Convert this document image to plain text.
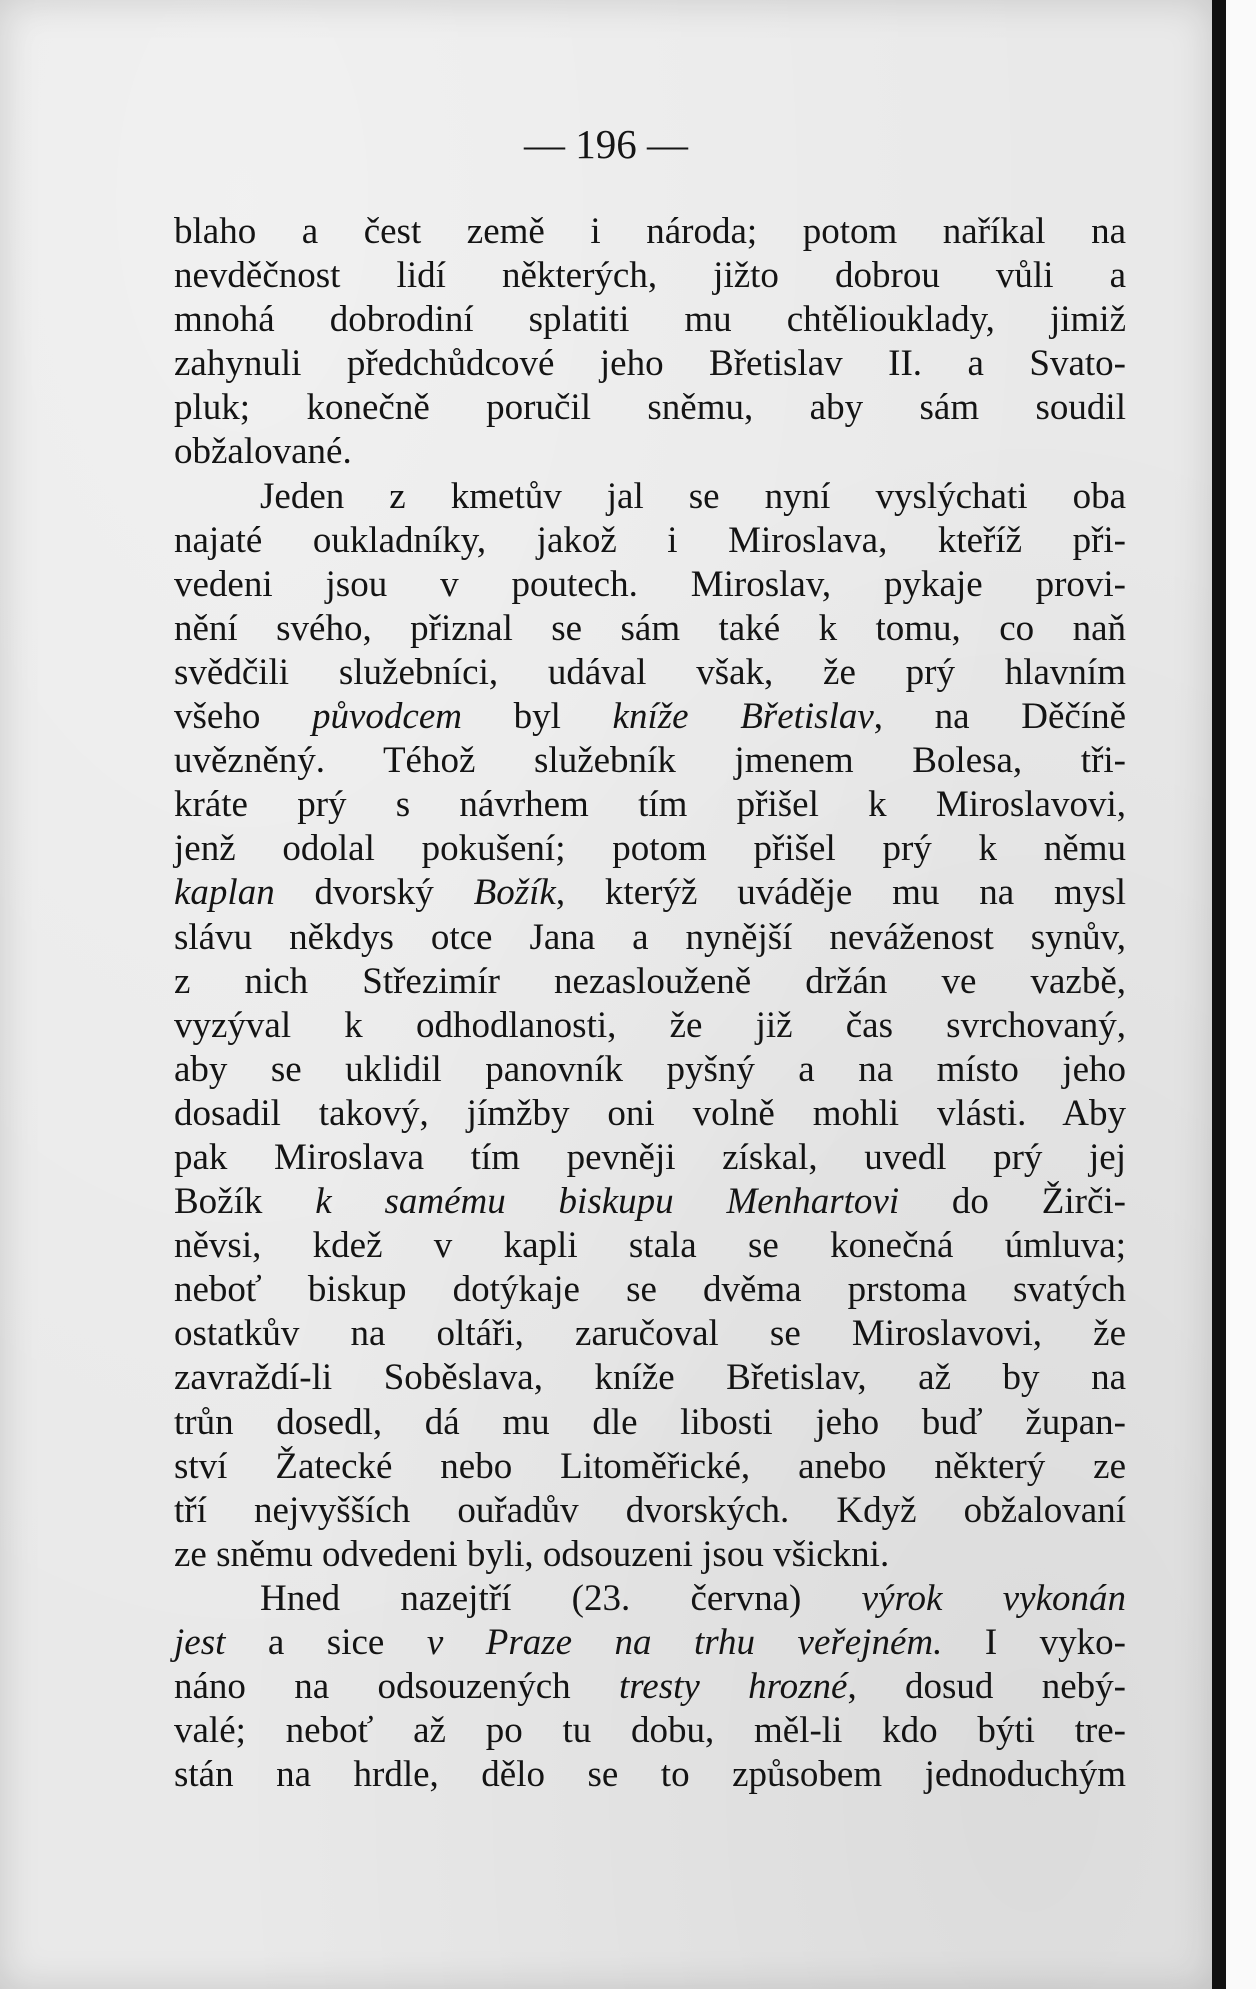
— 196 —
blaho a čest země i národa; potom naříkal na
nevděčnost lidí některých, jižto dobrou vůli a
mnohá dobrodiní splatiti mu chtěliouklady, jimiž
zahynuli předchůdcové jeho Břetislav II. a Svato-
pluk; konečně poručil sněmu, aby sám soudil
obžalované.
Jeden z kmetův jal se nyní vyslýchati oba
najaté oukladníky, jakož i Miroslava, kteříž při-
vedeni jsou v poutech. Miroslav, pykaje provi-
nění svého, přiznal se sám také k tomu, co naň
svědčili služebníci, udával však, že prý hlavním
všeho původcem byl kníže Břetislav, na Děčíně
uvězněný. Téhož služebník jmenem Bolesa, tři-
kráte prý s návrhem tím přišel k Miroslavovi,
jenž odolal pokušení; potom přišel prý k němu
kaplan dvorský Božík, kterýž uváděje mu na mysl
slávu někdys otce Jana a nynější neváženost synův,
z nich Střezimír nezaslouženě držán ve vazbě,
vyzýval k odhodlanosti, že již čas svrchovaný,
aby se uklidil panovník pyšný a na místo jeho
dosadil takový, jímžby oni volně mohli vlásti. Aby
pak Miroslava tím pevněji získal, uvedl prý jej
Božík k samému biskupu Menhartovi do Žirči-
něvsi, kdež v kapli stala se konečná úmluva;
neboť biskup dotýkaje se dvěma prstoma svatých
ostatkův na oltáři, zaručoval se Miroslavovi, že
zavraždí-li Soběslava, kníže Břetislav, až by na
trůn dosedl, dá mu dle libosti jeho buď župan-
ství Žatecké nebo Litoměřické, anebo některý ze
tří nejvyšších ouřadův dvorských. Když obžalovaní
ze sněmu odvedeni byli, odsouzeni jsou všickni.
Hned nazejtří (23. června) výrok vykonán
jest a sice v Praze na trhu veřejném. I vyko-
náno na odsouzených tresty hrozné, dosud nebý-
valé; neboť až po tu dobu, měl-li kdo býti tre-
stán na hrdle, dělo se to způsobem jednoduchým
